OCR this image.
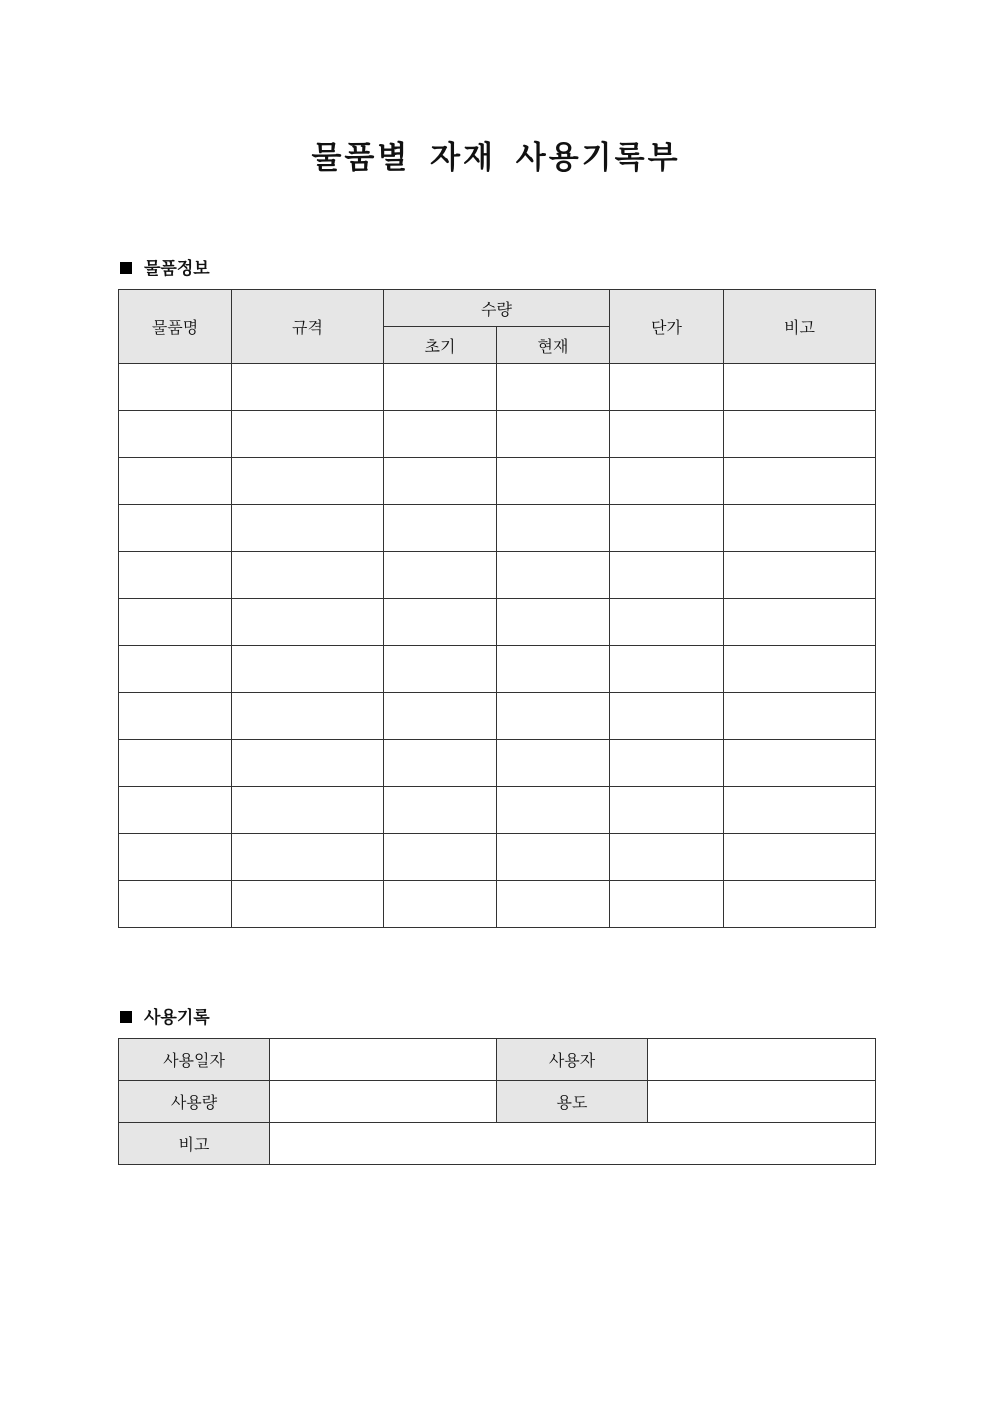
물품별 자재 사용기록부
물품정보
물품명	규격	수량		단가	비고
		초기	현재		

사용기록
사용일자		사용자	
사용량		용도	
비고			
